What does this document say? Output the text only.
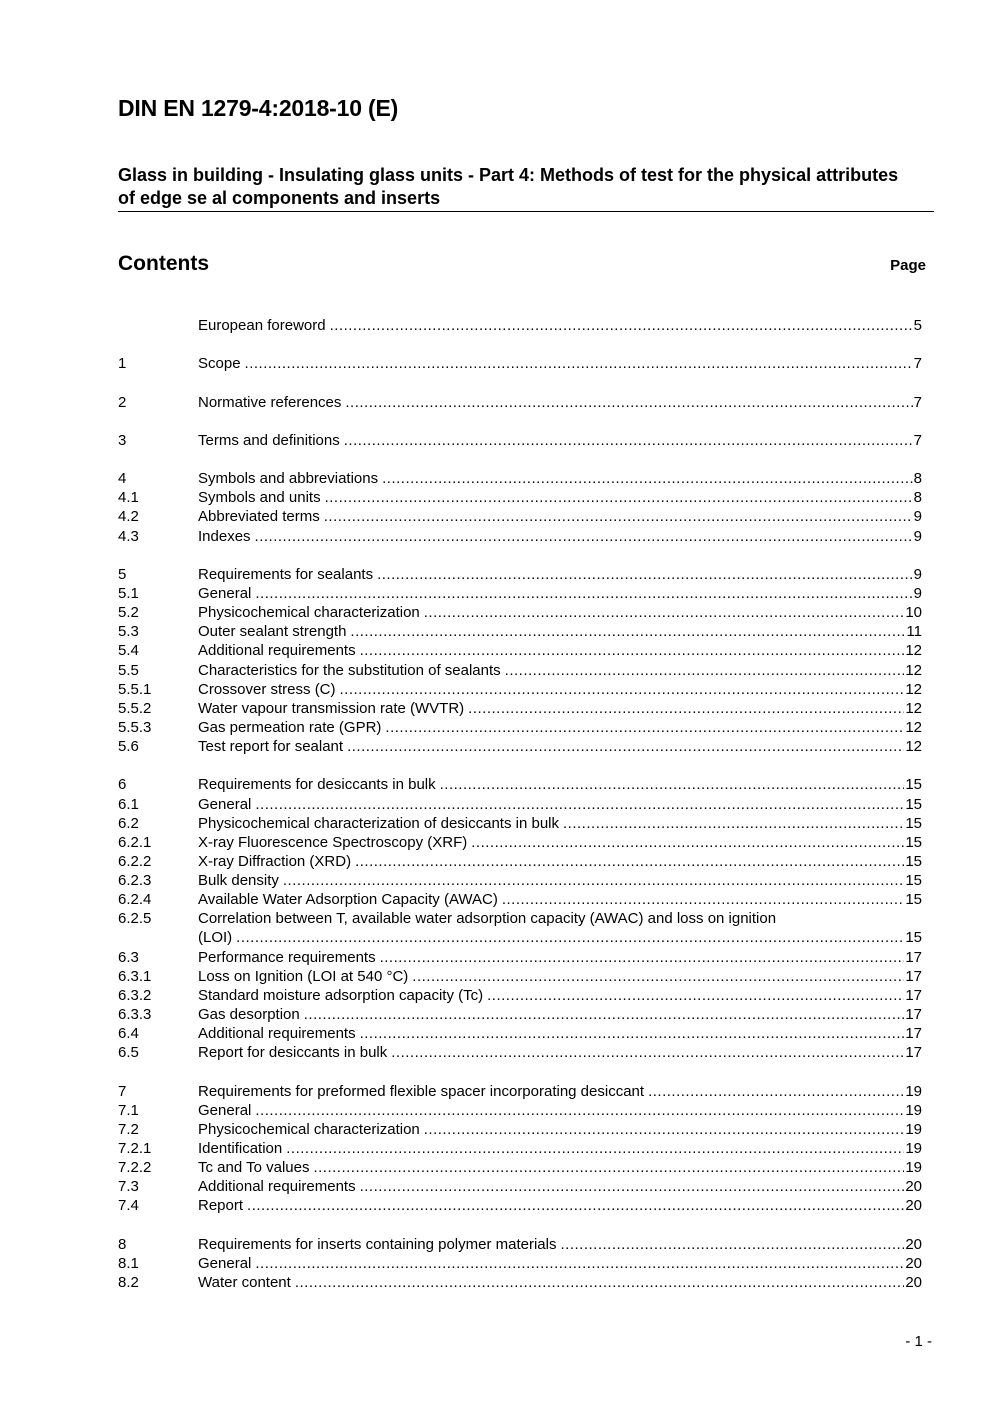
DIN EN 1279-4:2018-10 (E)
Glass in building - Insulating glass units - Part 4: Methods of test for the physical attributes of edge se al components and inserts
Contents	Page
European foreword .....	5
1	Scope .....	7
2	Normative references .....	7
3	Terms and definitions .....	7
4	Symbols and abbreviations .....	8
4.1	Symbols and units .....	8
4.2	Abbreviated terms .....	9
4.3	Indexes .....	9
5	Requirements for sealants .....	9
5.1	General .....	9
5.2	Physicochemical characterization .....	10
5.3	Outer sealant strength .....	11
5.4	Additional requirements .....	12
5.5	Characteristics for the substitution of sealants .....	12
5.5.1	Crossover stress (C) .....	12
5.5.2	Water vapour transmission rate (WVTR) .....	12
5.5.3	Gas permeation rate (GPR) .....	12
5.6	Test report for sealant .....	12
6	Requirements for desiccants in bulk .....	15
6.1	General .....	15
6.2	Physicochemical characterization of desiccants in bulk .....	15
6.2.1	X-ray Fluorescence Spectroscopy (XRF) .....	15
6.2.2	X-ray Diffraction (XRD) .....	15
6.2.3	Bulk density .....	15
6.2.4	Available Water Adsorption Capacity (AWAC) .....	15
6.2.5	Correlation between T, available water adsorption capacity (AWAC) and loss on ignition
(LOI) .....	15
6.3	Performance requirements .....	17
6.3.1	Loss on Ignition (LOI at 540 °C) .....	17
6.3.2	Standard moisture adsorption capacity (Tc) .....	17
6.3.3	Gas desorption .....	17
6.4	Additional requirements .....	17
6.5	Report for desiccants in bulk .....	17
7	Requirements for preformed flexible spacer incorporating desiccant .....	19
7.1	General .....	19
7.2	Physicochemical characterization .....	19
7.2.1	Identification .....	19
7.2.2	Tc and To values .....	19
7.3	Additional requirements .....	20
7.4	Report .....	20
8	Requirements for inserts containing polymer materials .....	20
8.1	General .....	20
8.2	Water content .....	20
- 1 -
